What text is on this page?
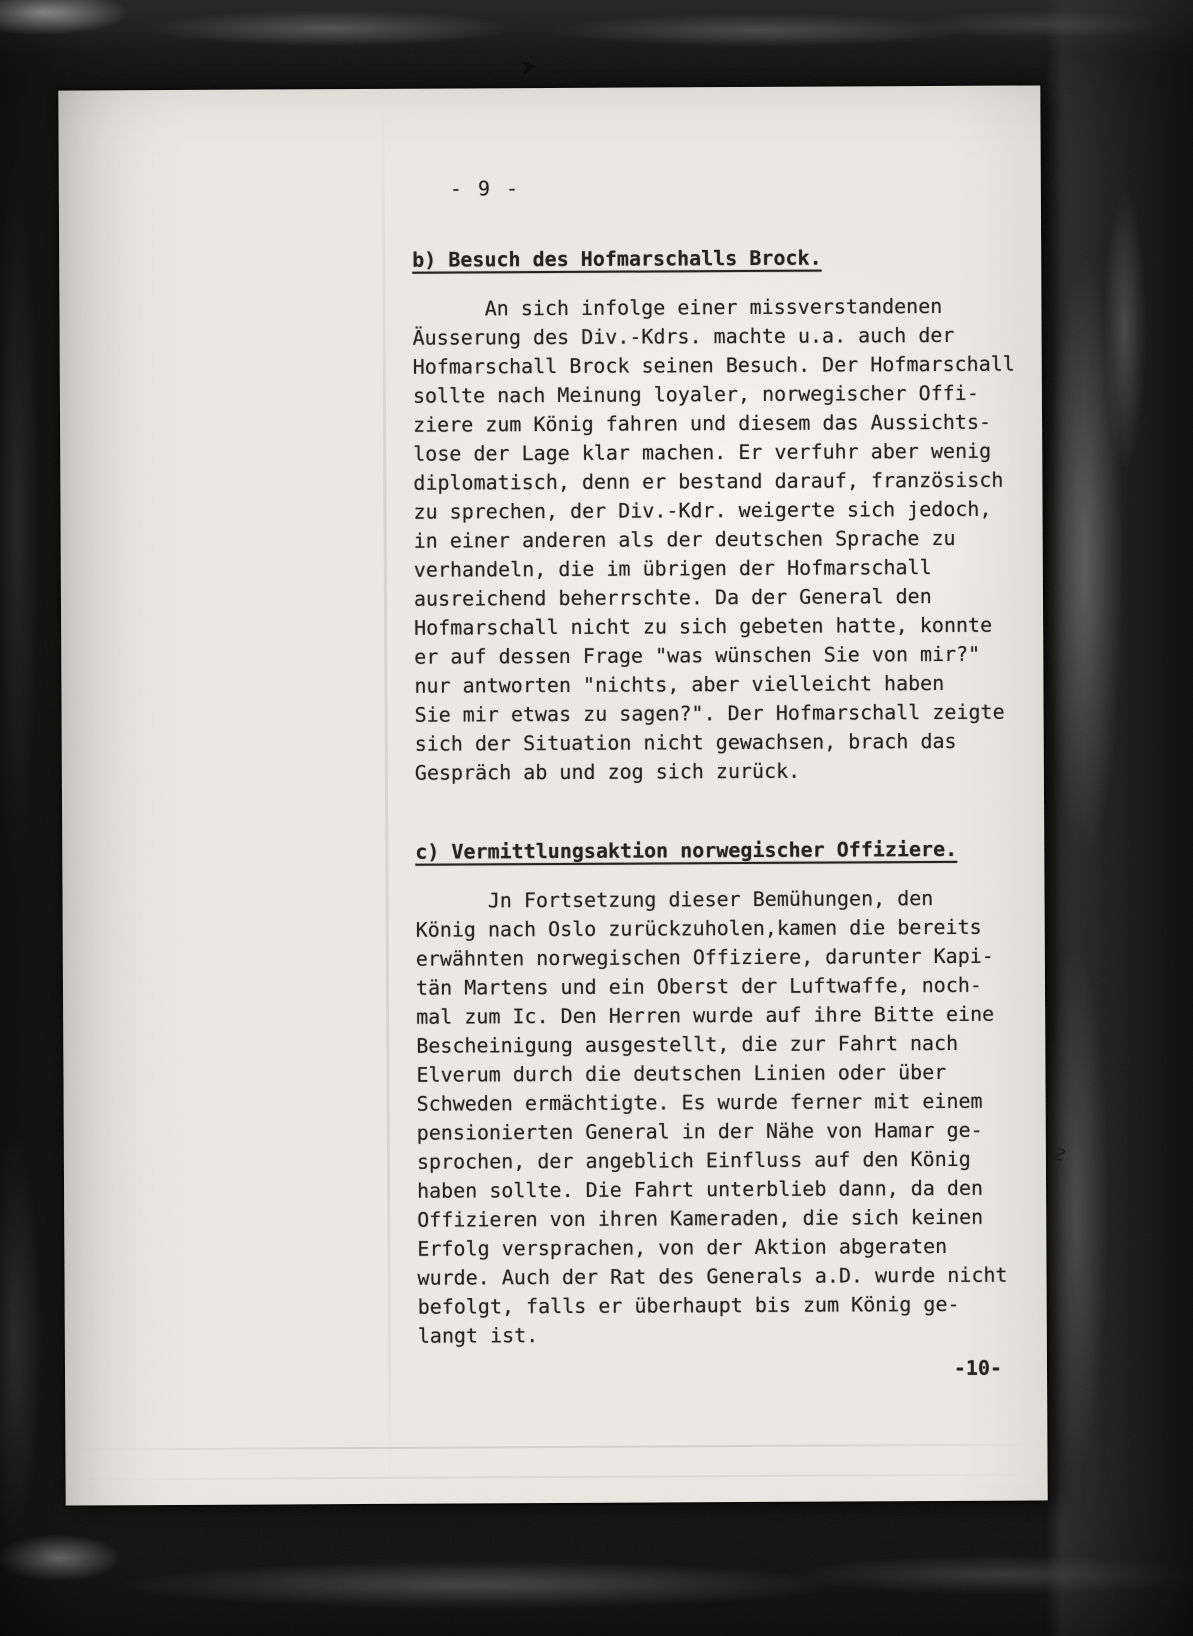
➤
- 9 -
b) Besuch des Hofmarschalls Brock.
An sich infolge einer missverstandenen
Äusserung des Div.-Kdrs. machte u.a. auch der
Hofmarschall Brock seinen Besuch. Der Hofmarschall
sollte nach Meinung loyaler, norwegischer Offi-
ziere zum König fahren und diesem das Aussichts-
lose der Lage klar machen. Er verfuhr aber wenig
diplomatisch, denn er bestand darauf, französisch
zu sprechen, der Div.-Kdr. weigerte sich jedoch,
in einer anderen als der deutschen Sprache zu
verhandeln, die im übrigen der Hofmarschall
ausreichend beherrschte. Da der General den
Hofmarschall nicht zu sich gebeten hatte, konnte
er auf dessen Frage "was wünschen Sie von mir?"
nur antworten "nichts, aber vielleicht haben
Sie mir etwas zu sagen?". Der Hofmarschall zeigte
sich der Situation nicht gewachsen, brach das
Gespräch ab und zog sich zurück.
c) Vermittlungsaktion norwegischer Offiziere.
Jn Fortsetzung dieser Bemühungen, den
König nach Oslo zurückzuholen,kamen die bereits
erwähnten norwegischen Offiziere, darunter Kapi-
tän Martens und ein Oberst der Luftwaffe, noch-
mal zum Ic. Den Herren wurde auf ihre Bitte eine
Bescheinigung ausgestellt, die zur Fahrt nach
Elverum durch die deutschen Linien oder über
Schweden ermächtigte. Es wurde ferner mit einem
pensionierten General in der Nähe von Hamar ge-
sprochen, der angeblich Einfluss auf den König
haben sollte. Die Fahrt unterblieb dann, da den
Offizieren von ihren Kameraden, die sich keinen
Erfolg versprachen, von der Aktion abgeraten
wurde. Auch der Rat des Generals a.D. wurde nicht
befolgt, falls er überhaupt bis zum König ge-
langt ist.
-10-
∿
